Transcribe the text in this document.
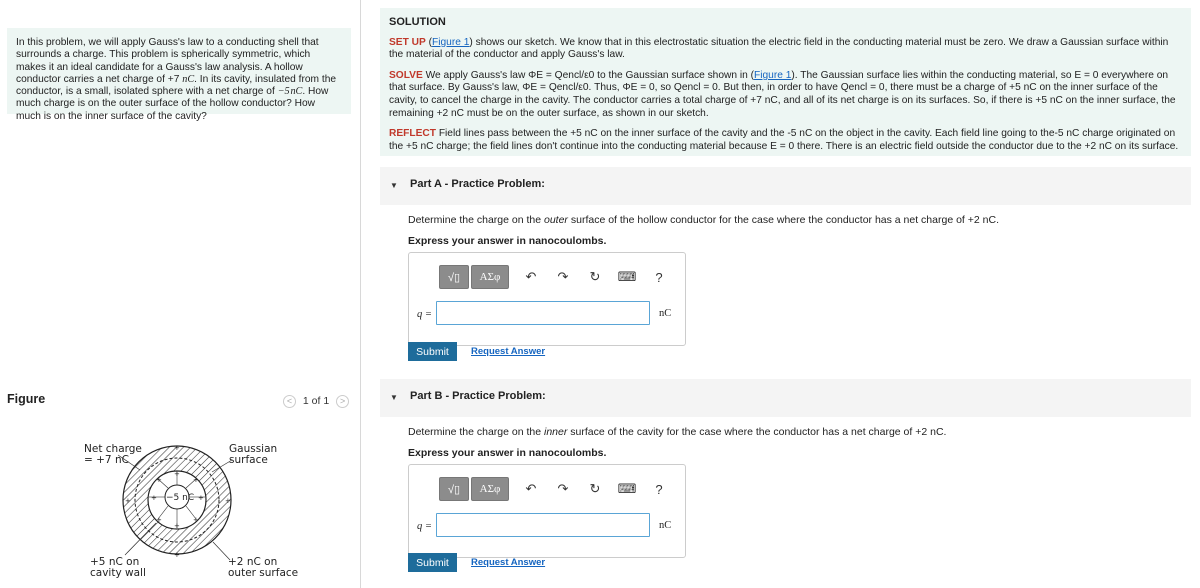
In this problem, we will apply Gauss's law to a conducting shell that surrounds a charge. This problem is spherically symmetric, which makes it an ideal candidate for a Gauss's law analysis. A hollow conductor carries a net charge of +7 nC. In its cavity, insulated from the conductor, is a small, isolated sphere with a net charge of −5 nC. How much charge is on the outer surface of the hollow conductor? How much is on the inner surface of the cavity?
Figure	< 1 of 1 >
+
+
+	+
+	+
+	+
+
+
+	+
Net charge
= +7 nC
Gaussian
surface
−5 nC
+5 nC on
cavity wall
+2 nC on
outer surface
SOLUTION

SET UP (Figure 1) shows our sketch. We know that in this electrostatic situation the electric field in the conducting material must be zero. We draw a Gaussian surface within the material of the conductor and apply Gauss's law.

SOLVE We apply Gauss's law ΦE = Qencl/ε0 to the Gaussian surface shown in (Figure 1). The Gaussian surface lies within the conducting material, so E = 0 everywhere on that surface. By Gauss's law, ΦE = Qencl/ε0. Thus, ΦE = 0, so Qencl = 0. But then, in order to have Qencl = 0, there must be a charge of +5 nC on the inner surface of the cavity, to cancel the charge in the cavity. The conductor carries a total charge of +7 nC, and all of its net charge is on its surfaces. So, if there is +5 nC on the inner surface, the remaining +2 nC must be on the outer surface, as shown in our sketch.

REFLECT Field lines pass between the +5 nC on the inner surface of the cavity and the -5 nC on the object in the cavity. Each field line going to the-5 nC charge originated on the +5 nC charge; the field lines don't continue into the conducting material because E = 0 there. There is an electric field outside the conductor due to the +2 nC on its surface.

▼ Part A - Practice Problem:
Determine the charge on the outer surface of the hollow conductor for the case where the conductor has a net charge of +2 nC.
Express your answer in nanocoulombs.
√▯	ΑΣφ	↶	↷	↻	⌨	?
q =	nC
Submit	Request Answer
▼ Part B - Practice Problem:
Determine the charge on the inner surface of the cavity for the case where the conductor has a net charge of +2 nC.
Express your answer in nanocoulombs.
√▯	ΑΣφ	↶	↷	↻	⌨	?
q =	nC
Submit	Request Answer
